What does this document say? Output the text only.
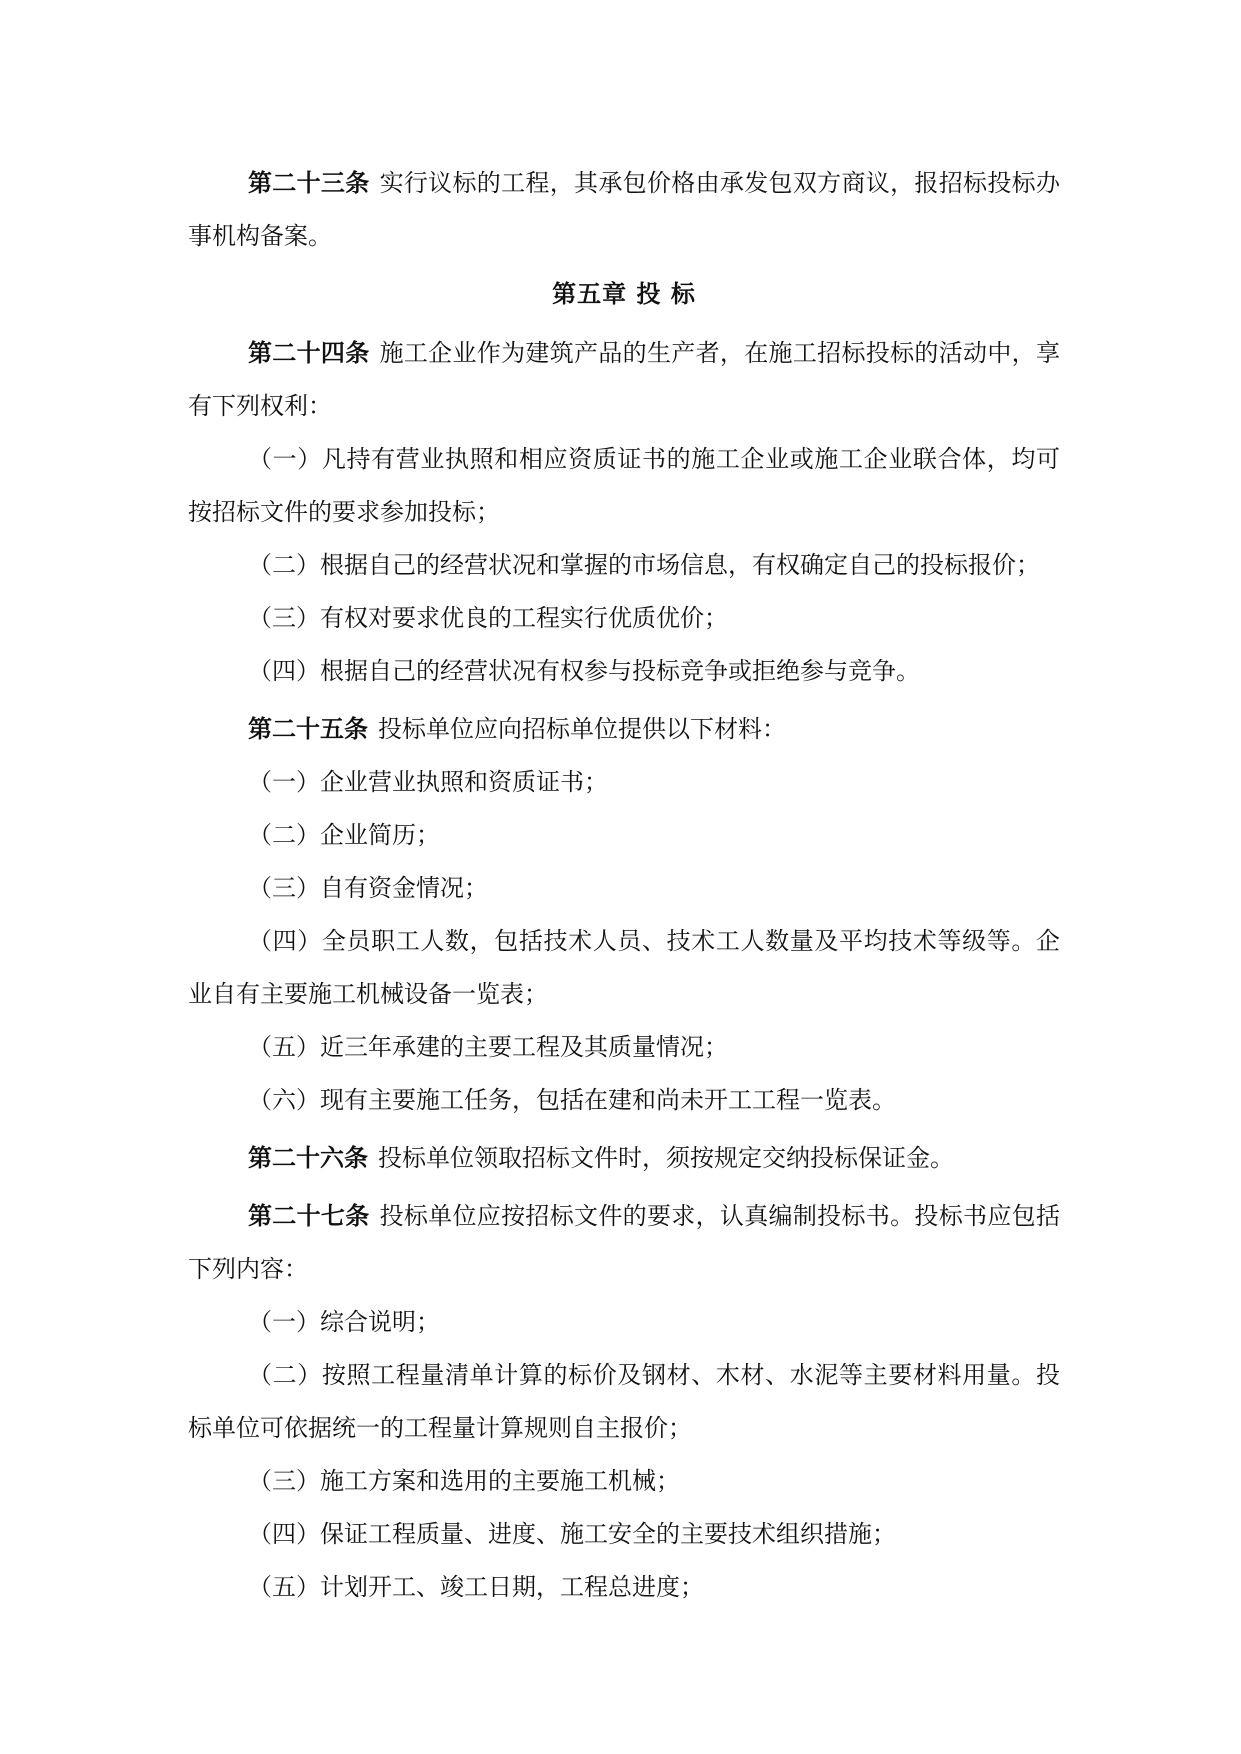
第二十三条 实行议标的工程，其承包价格由承发包双方商议，报招标投标办事机构备案。

第五章 投 标

第二十四条 施工企业作为建筑产品的生产者，在施工招标投标的活动中，享有下列权利：

（一）凡持有营业执照和相应资质证书的施工企业或施工企业联合体，均可按招标文件的要求参加投标；

（二）根据自己的经营状况和掌握的市场信息，有权确定自己的投标报价；

（三）有权对要求优良的工程实行优质优价；

（四）根据自己的经营状况有权参与投标竞争或拒绝参与竞争。

第二十五条 投标单位应向招标单位提供以下材料：

（一）企业营业执照和资质证书；

（二）企业简历；

（三）自有资金情况；

（四）全员职工人数，包括技术人员、技术工人数量及平均技术等级等。企业自有主要施工机械设备一览表；

（五）近三年承建的主要工程及其质量情况；

（六）现有主要施工任务，包括在建和尚未开工工程一览表。

第二十六条 投标单位领取招标文件时，须按规定交纳投标保证金。

第二十七条 投标单位应按招标文件的要求，认真编制投标书。投标书应包括下列内容：

（一）综合说明；

（二）按照工程量清单计算的标价及钢材、木材、水泥等主要材料用量。投标单位可依据统一的工程量计算规则自主报价；

（三）施工方案和选用的主要施工机械；

（四）保证工程质量、进度、施工安全的主要技术组织措施；

（五）计划开工、竣工日期，工程总进度；
